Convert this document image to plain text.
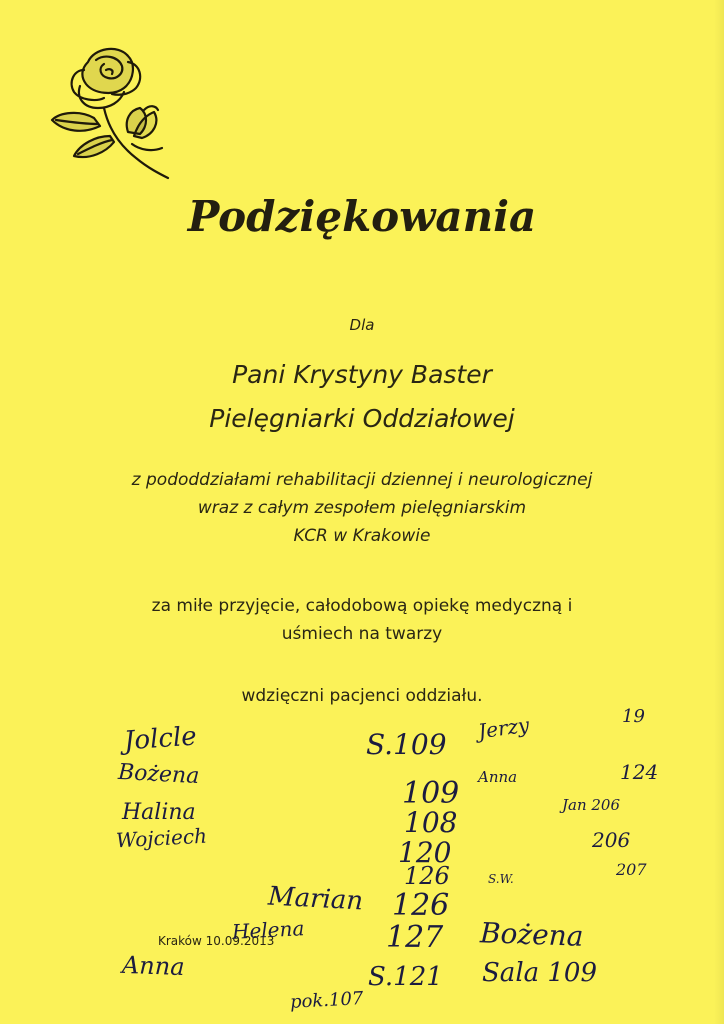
Podziękowania
Dla
Pani Krystyny Baster
Pielęgniarki Oddziałowej
z pododdziałami rehabilitacji dziennej i neurologicznej
wraz z całym zespołem pielęgniarskim
KCR w Krakowie
za miłe przyjęcie, całodobową opiekę medyczną i
uśmiech na twarzy
wdzięczni pacjenci oddziału.
Kraków 10.09.2013
Jolcle	S.109 Jerzy	19
Bożena
109 Anna	124
Halina	108
Jan 206
Wojciech	120	206
126	S.W.	207
Marian 126
Helena	127 Bożena
Anna	S.121 Sala 109
pok.107
